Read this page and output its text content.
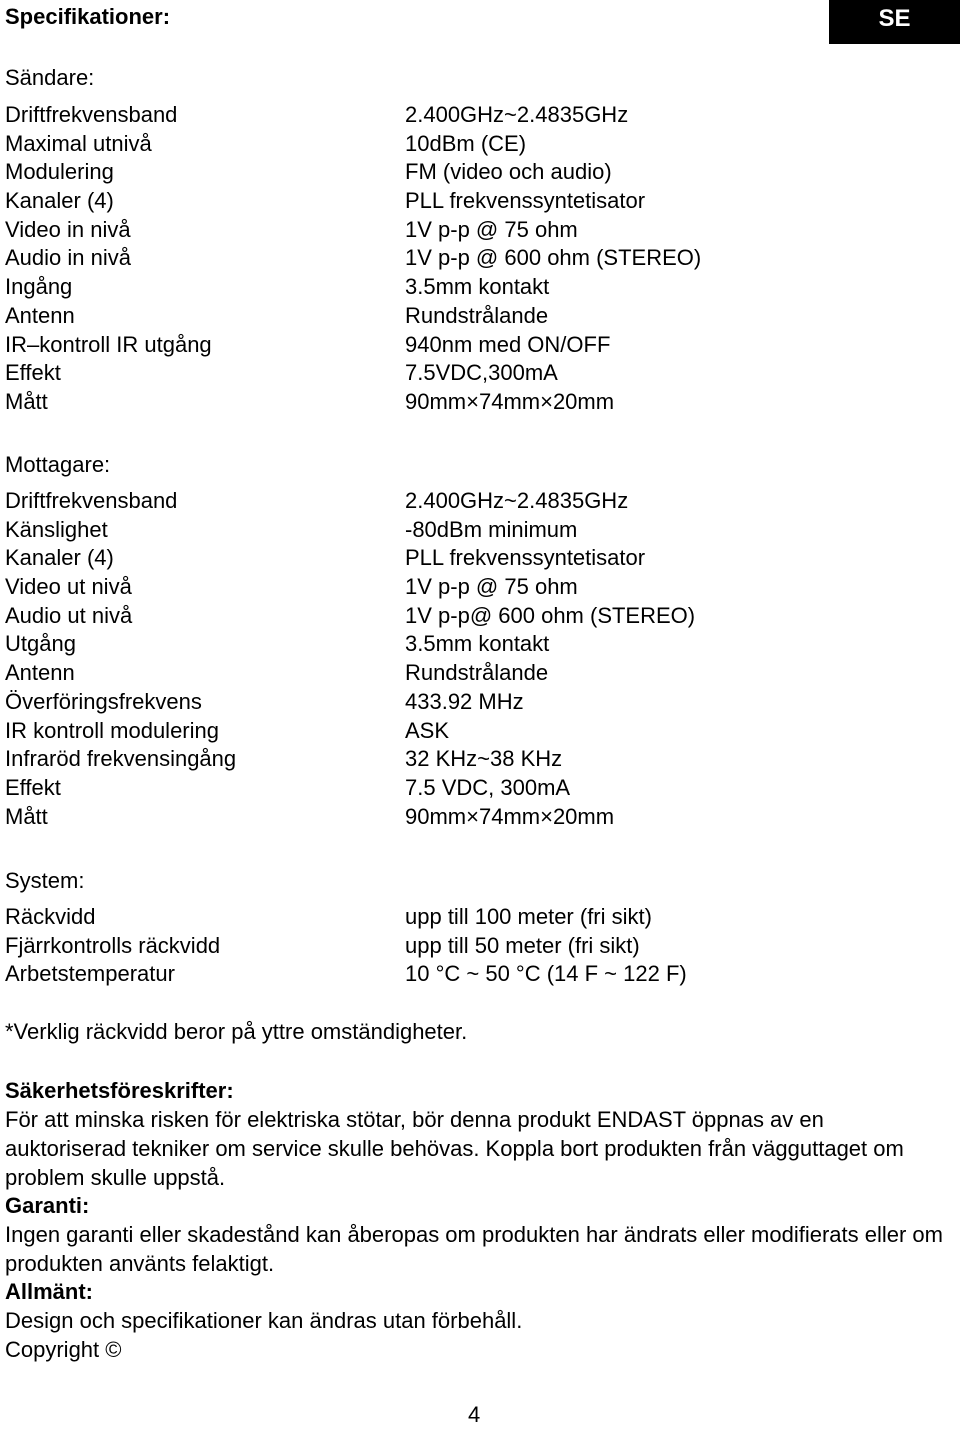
Specifikationer:	SE
Sändare:
Driftfrekvensband	2.400GHz~2.4835GHz
Maximal utnivå	10dBm (CE)
Modulering	FM (video och audio)
Kanaler (4)	PLL frekvenssyntetisator
Video in nivå	1V p-p @ 75 ohm
Audio in nivå	1V p-p @ 600 ohm (STEREO)
Ingång	3.5mm kontakt
Antenn	Rundstrålande
IR–kontroll IR utgång	940nm med ON/OFF
Effekt	7.5VDC,300mA
Mått	90mm×74mm×20mm
Mottagare:
Driftfrekvensband	2.400GHz~2.4835GHz
Känslighet	-80dBm minimum
Kanaler (4)	PLL frekvenssyntetisator
Video ut nivå	1V p-p @ 75 ohm
Audio ut nivå	1V p-p@ 600 ohm (STEREO)
Utgång	3.5mm kontakt
Antenn	Rundstrålande
Överföringsfrekvens	433.92 MHz
IR kontroll modulering	ASK
Infraröd frekvensingång	32 KHz~38 KHz
Effekt	7.5 VDC, 300mA
Mått	90mm×74mm×20mm
System:
Räckvidd	upp till 100 meter (fri sikt)
Fjärrkontrolls räckvidd	upp till 50 meter (fri sikt)
Arbetstemperatur	10 °C ~ 50 °C (14 F ~ 122 F)
*Verklig räckvidd beror på yttre omständigheter.
Säkerhetsföreskrifter:
För att minska risken för elektriska stötar, bör denna produkt ENDAST öppnas av en auktoriserad tekniker om service skulle behövas. Koppla bort produkten från vägguttaget om problem skulle uppstå.
Garanti:
Ingen garanti eller skadestånd kan åberopas om produkten har ändrats eller modifierats eller om produkten använts felaktigt.
Allmänt:
Design och specifikationer kan ändras utan förbehåll.
Copyright ©
4
